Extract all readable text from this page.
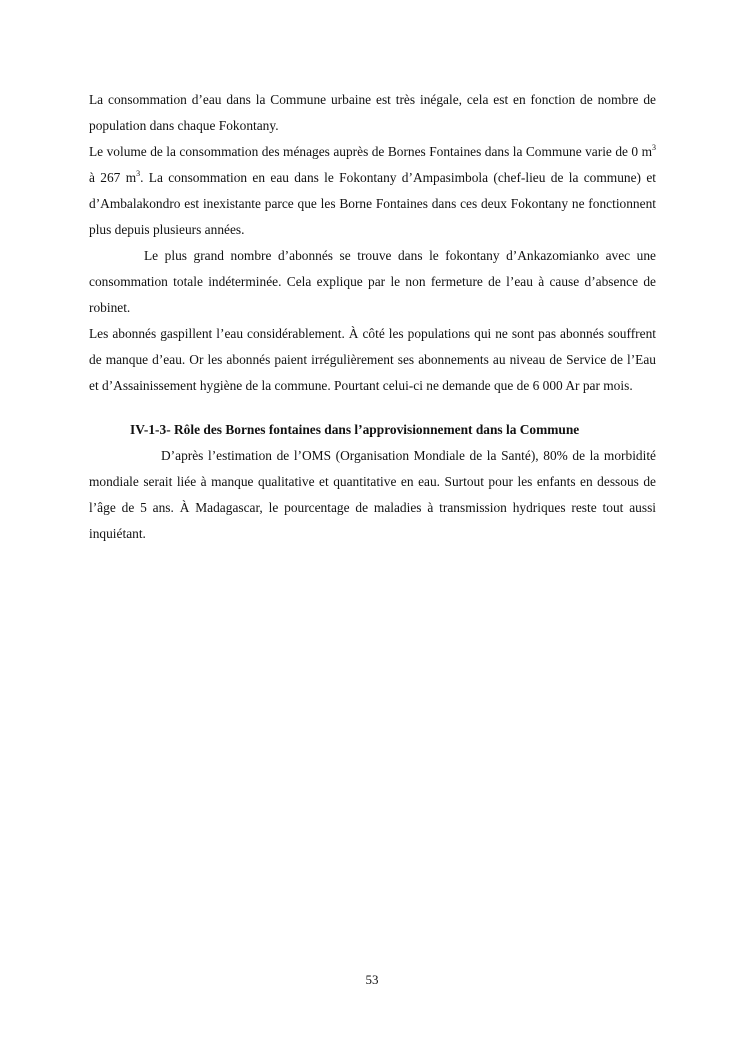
La consommation d’eau dans la Commune urbaine est très inégale, cela est en fonction de nombre de population dans chaque Fokontany.

Le volume de la consommation des ménages auprès de Bornes Fontaines dans la Commune varie de 0 $m^3$ à 267 $m^3$. La consommation en eau dans le Fokontany d’Ampasimbola (chef-lieu de la commune) et d’Ambalakondro est inexistante parce que les Borne Fontaines dans ces deux Fokontany ne fonctionnent plus depuis plusieurs années.

Le plus grand nombre d’abonnés se trouve dans le fokontany d’Ankazomianko avec une consommation totale indéterminée. Cela explique par le non fermeture de l’eau à cause d’absence de robinet.

Les abonnés gaspillent l’eau considérablement. À côté les populations qui ne sont pas abonnés souffrent de manque d’eau. Or les abonnés paient irrégulièrement ses abonnements au niveau de Service de l’Eau et d’Assainissement hygiène de la commune. Pourtant celui-ci ne demande que de 6 000 Ar par mois.

IV-1-3- Rôle des Bornes fontaines dans l’approvisionnement dans la Commune

D’après l’estimation de l’OMS (Organisation Mondiale de la Santé), 80% de la morbidité mondiale serait liée à manque qualitative et quantitative en eau. Surtout pour les enfants en dessous de l’âge de 5 ans. À Madagascar, le pourcentage de maladies à transmission hydriques reste tout aussi inquiétant.

53
